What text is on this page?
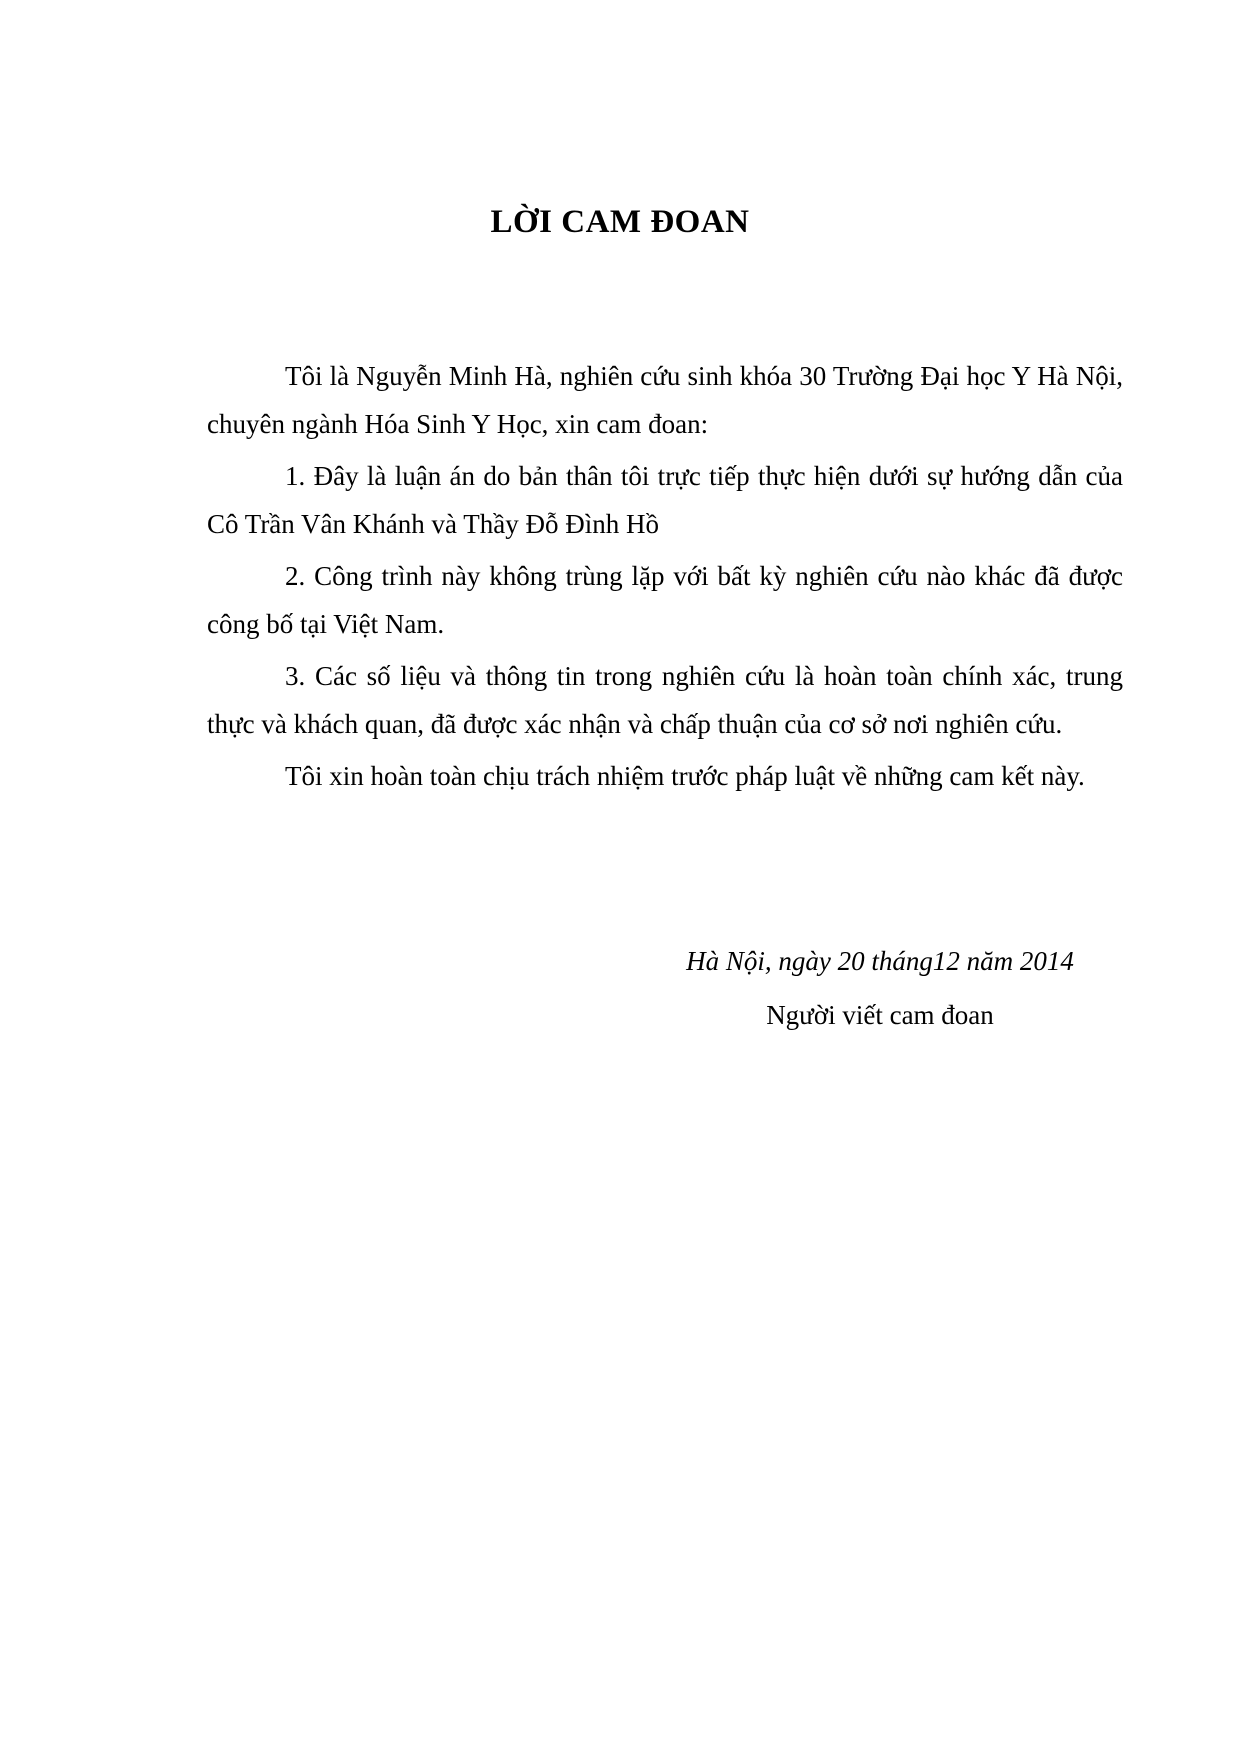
LỜI CAM ĐOAN

Tôi là Nguyễn Minh Hà, nghiên cứu sinh khóa 30 Trường Đại học Y Hà Nội, chuyên ngành Hóa Sinh Y Học, xin cam đoan:

1. Đây là luận án do bản thân tôi trực tiếp thực hiện dưới sự hướng dẫn của Cô Trần Vân Khánh và Thầy Đỗ Đình Hồ

2. Công trình này không trùng lặp với bất kỳ nghiên cứu nào khác đã được công bố tại Việt Nam.

3. Các số liệu và thông tin trong nghiên cứu là hoàn toàn chính xác, trung thực và khách quan, đã được xác nhận và chấp thuận của cơ sở nơi nghiên cứu.

Tôi xin hoàn toàn chịu trách nhiệm trước pháp luật về những cam kết này.

Hà Nội, ngày 20 tháng12 năm 2014
Người viết cam đoan
